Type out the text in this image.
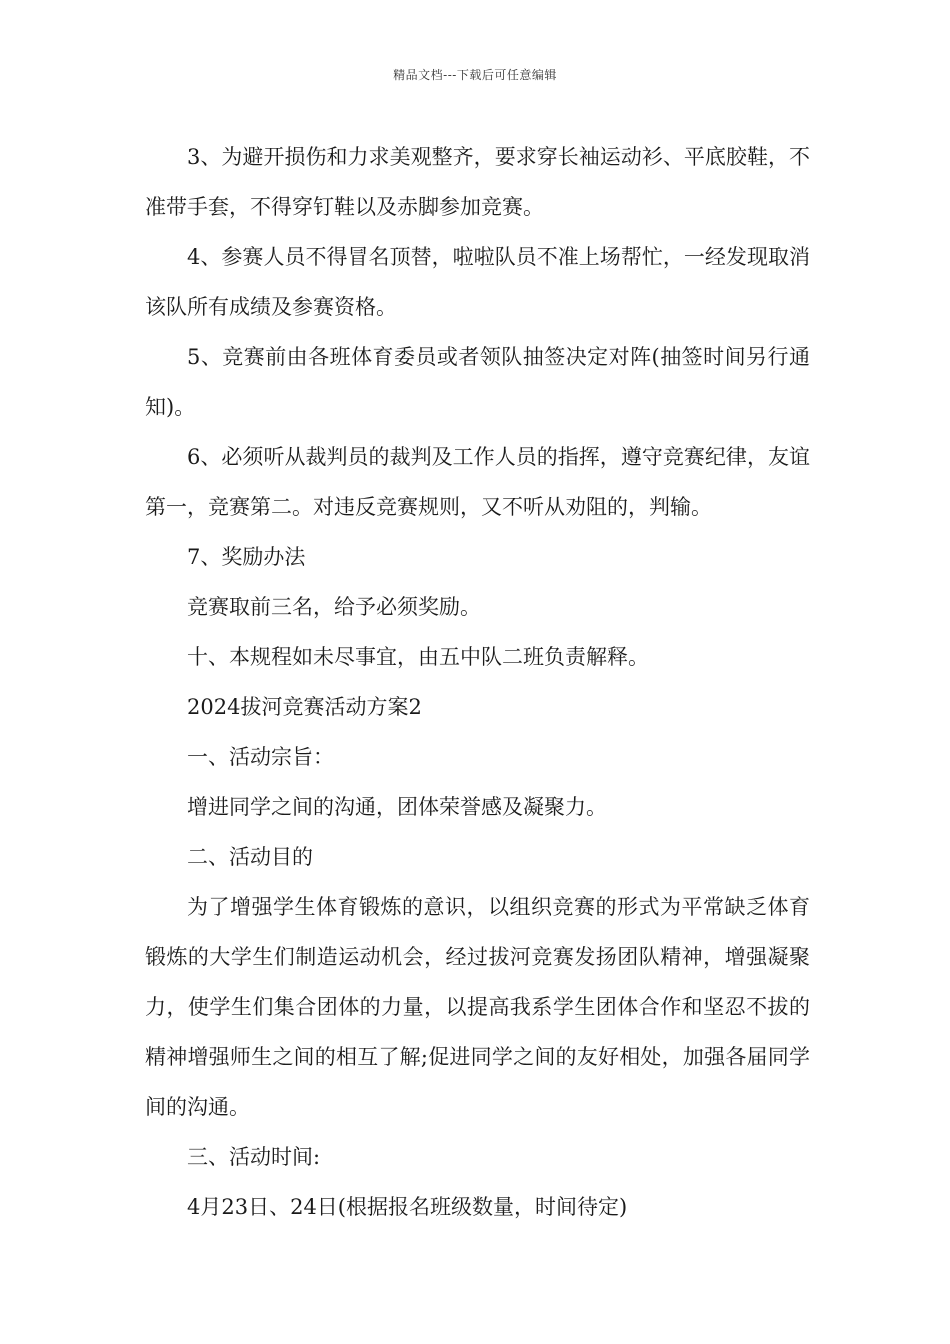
精品文档---下载后可任意编辑

3、为避开损伤和力求美观整齐，要求穿长袖运动衫、平底胶鞋，不准带手套，不得穿钉鞋以及赤脚参加竞赛。

4、参赛人员不得冒名顶替，啦啦队员不准上场帮忙，一经发现取消该队所有成绩及参赛资格。

5、竞赛前由各班体育委员或者领队抽签决定对阵(抽签时间另行通知)。

6、必须听从裁判员的裁判及工作人员的指挥，遵守竞赛纪律，友谊第一，竞赛第二。对违反竞赛规则，又不听从劝阻的，判输。

7、奖励办法

竞赛取前三名，给予必须奖励。

十、本规程如未尽事宜，由五中队二班负责解释。

2024拔河竞赛活动方案2

一、活动宗旨：

增进同学之间的沟通，团体荣誉感及凝聚力。

二、活动目的

为了增强学生体育锻炼的意识，以组织竞赛的形式为平常缺乏体育锻炼的大学生们制造运动机会，经过拔河竞赛发扬团队精神，增强凝聚力，使学生们集合团体的力量，以提高我系学生团体合作和坚忍不拔的精神增强师生之间的相互了解;促进同学之间的友好相处，加强各届同学间的沟通。

三、活动时间:

4月23日、24日(根据报名班级数量，时间待定)
